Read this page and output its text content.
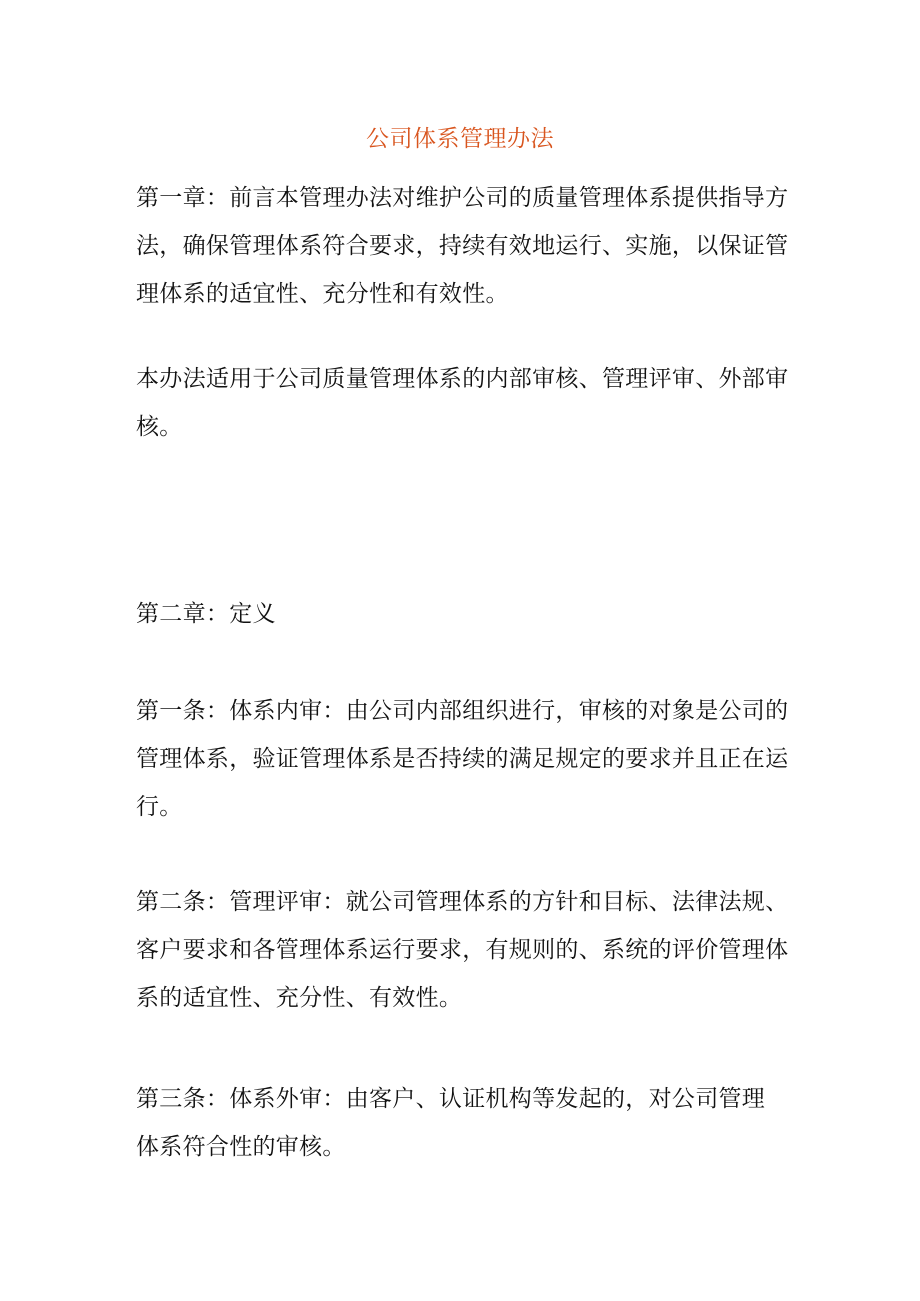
公司体系管理办法
第一章：前言本管理办法对维护公司的质量管理体系提供指导方
法，确保管理体系符合要求，持续有效地运行、实施，以保证管
理体系的适宜性、充分性和有效性。
本办法适用于公司质量管理体系的内部审核、管理评审、外部审
核。
第二章：定义
第一条：体系内审：由公司内部组织进行，审核的对象是公司的
管理体系，验证管理体系是否持续的满足规定的要求并且正在运
行。
第二条：管理评审：就公司管理体系的方针和目标、法律法规、
客户要求和各管理体系运行要求，有规则的、系统的评价管理体
系的适宜性、充分性、有效性。
第三条：体系外审：由客户、认证机构等发起的，对公司管理
体系符合性的审核。
